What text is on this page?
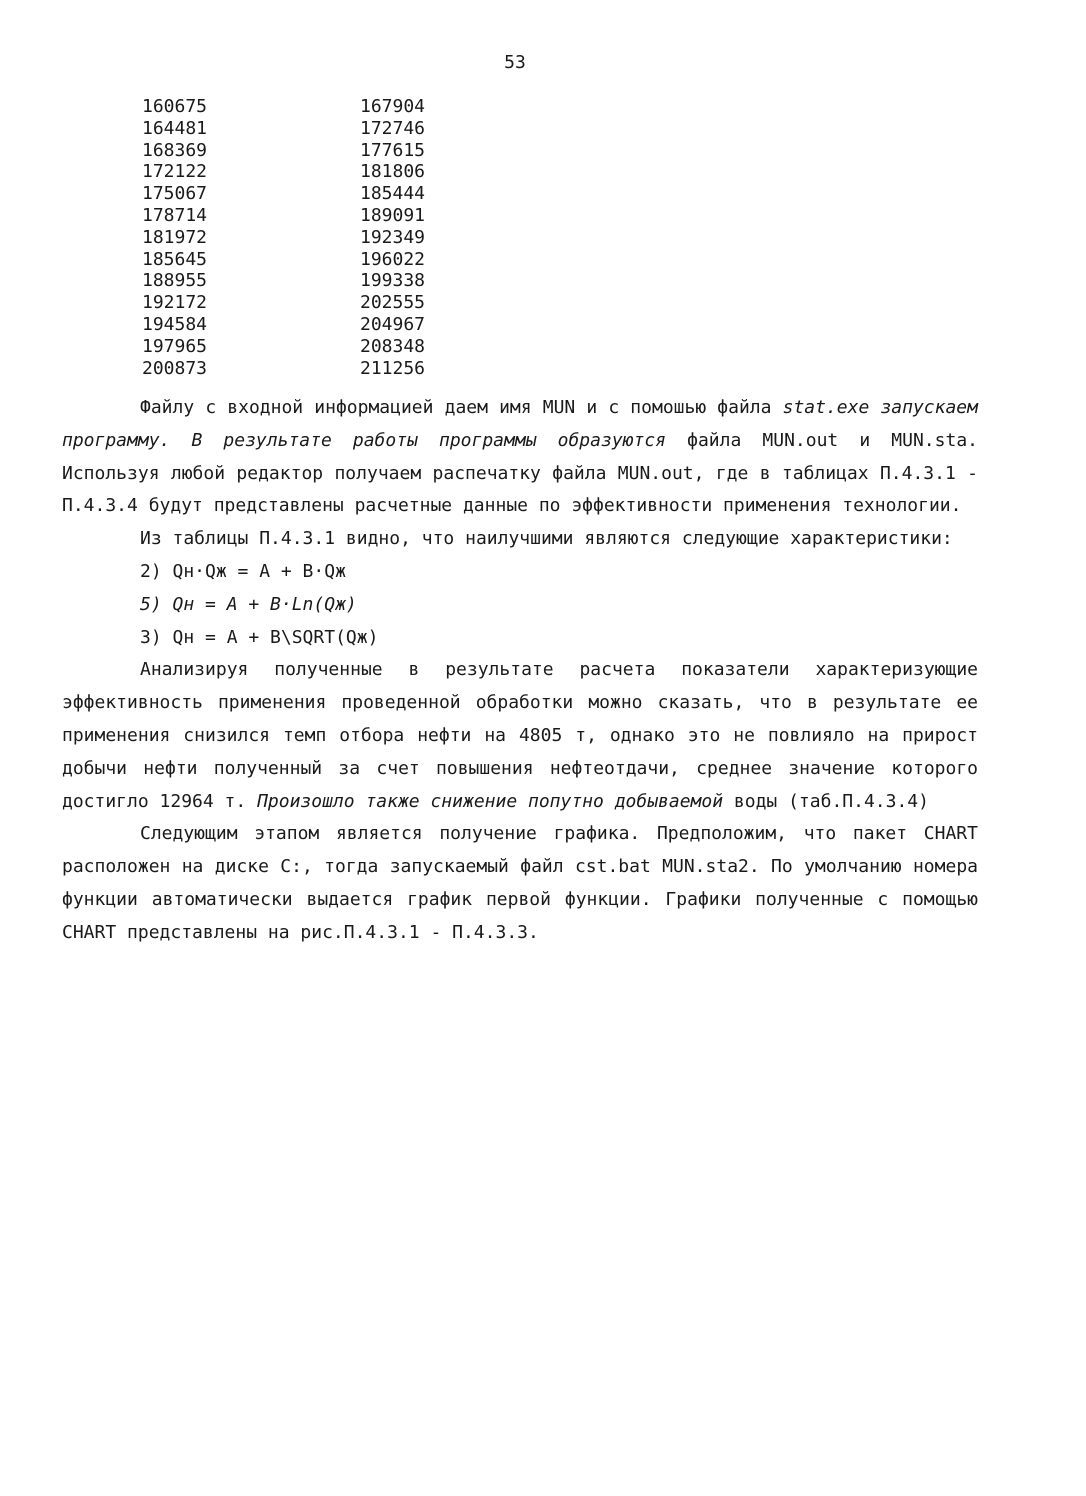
53
160675	167904
164481	172746
168369	177615
172122	181806
175067	185444
178714	189091
181972	192349
185645	196022
188955	199338
192172	202555
194584	204967
197965	208348
200873	211256

Файлу с входной информацией даем имя MUN и с помошью файла stat.exe запускаем программу. В результате работы программы образуются файла MUN.out и MUN.sta. Используя любой редактор получаем распечатку файла MUN.out, где в таблицах П.4.3.1 - П.4.3.4 будут представлены расчетные данные по эффективности применения технологии.

Из таблицы П.4.3.1 видно, что наилучшими являются следующие характеристики:

2) Qн·Qж = A + B·Qж

5) Qн = A + B·Ln(Qж)

3) Qн = A + B\SQRT(Qж)

Анализируя полученные в результате расчета показатели характеризующие эффективность применения проведенной обработки можно сказать, что в результате ее применения снизился темп отбора нефти на 4805 т, однако это не повлияло на прирост добычи нефти полученный за счет повышения нефтеотдачи, среднее значение которого достигло 12964 т. Произошло также снижение попутно добываемой воды (таб.П.4.3.4)

Следующим этапом является получение графика. Предположим, что пакет CHART расположен на диске C:, тогда запускаемый файл cst.bat MUN.sta2. По умолчанию номера функции автоматически выдается график первой функции. Графики полученные с помощью CHART представлены на рис.П.4.3.1 - П.4.3.3.
